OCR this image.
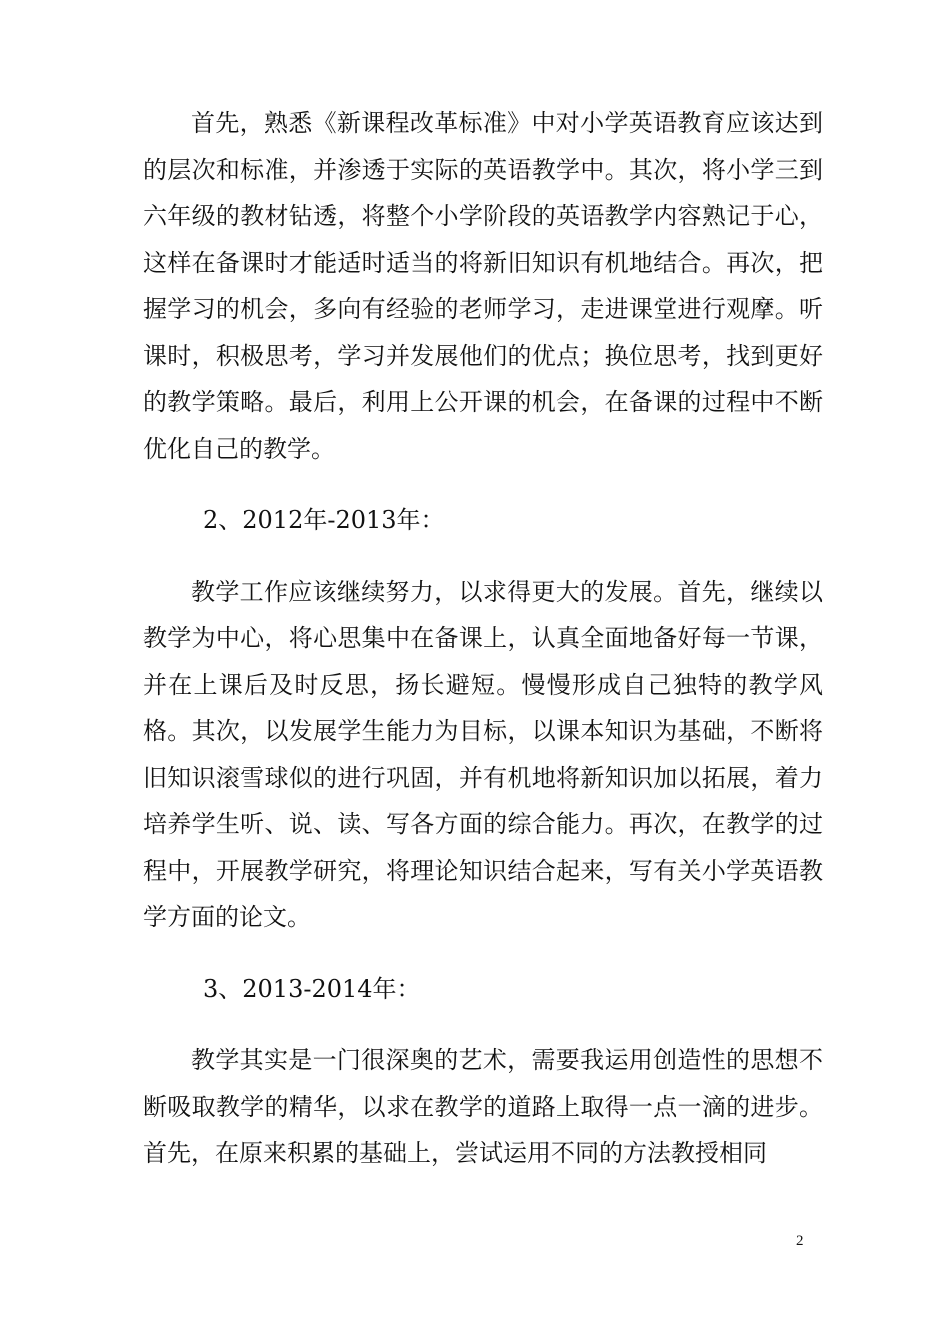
首先，熟悉《新课程改革标准》中对小学英语教育应该达到的层次和标准，并渗透于实际的英语教学中。其次，将小学三到六年级的教材钻透，将整个小学阶段的英语教学内容熟记于心，这样在备课时才能适时适当的将新旧知识有机地结合。再次，把握学习的机会，多向有经验的老师学习，走进课堂进行观摩。听课时，积极思考，学习并发展他们的优点；换位思考，找到更好的教学策略。最后，利用上公开课的机会，在备课的过程中不断优化自己的教学。

2、2012年-2013年：

教学工作应该继续努力，以求得更大的发展。首先，继续以教学为中心，将心思集中在备课上，认真全面地备好每一节课，并在上课后及时反思，扬长避短。慢慢形成自己独特的教学风格。其次，以发展学生能力为目标，以课本知识为基础，不断将旧知识滚雪球似的进行巩固，并有机地将新知识加以拓展，着力培养学生听、说、读、写各方面的综合能力。再次，在教学的过程中，开展教学研究，将理论知识结合起来，写有关小学英语教学方面的论文。

3、2013-2014年：

教学其实是一门很深奥的艺术，需要我运用创造性的思想不断吸取教学的精华，以求在教学的道路上取得一点一滴的进步。首先，在原来积累的基础上，尝试运用不同的方法教授相同

2
